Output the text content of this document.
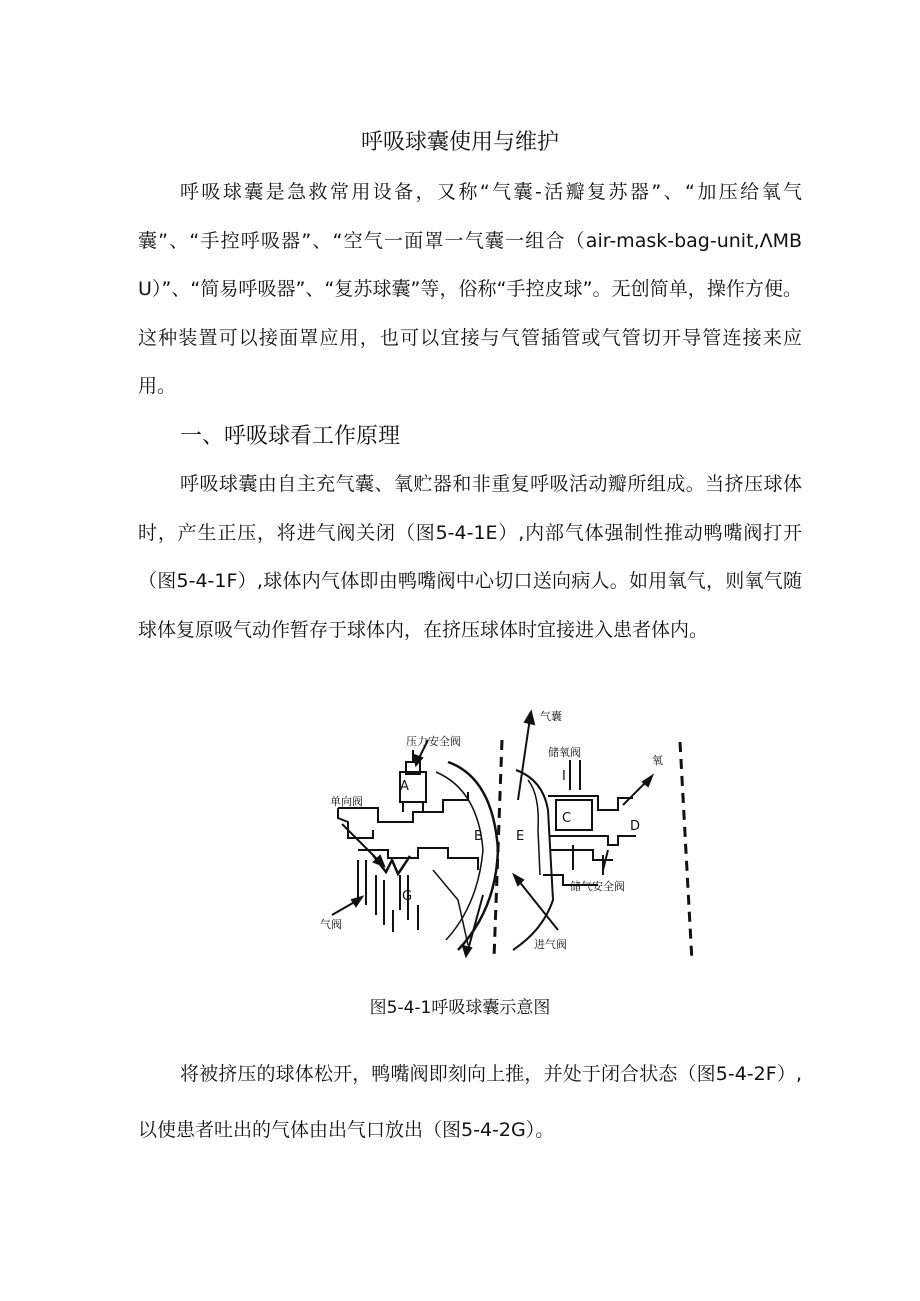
呼吸球囊使用与维护

呼吸球囊是急救常用设备，又称“气囊-活瓣复苏器”、“加压给氧气囊”、“手控呼吸器”、“空气一面罩一气囊一组合（air-mask-bag-unit,ΛMBU）”、“简易呼吸器”、“复苏球囊”等，俗称“手控皮球”。无创简单，操作方便。这种装置可以接面罩应用，也可以宜接与气管插管或气管切开导管连接来应用。

一、呼吸球看工作原理

呼吸球囊由自主充气囊、氧贮器和非重复呼吸活动瓣所组成。当挤压球体时，产生正压，将进气阀关闭（图5-4-1E）,内部气体强制性推动鸭嘴阀打开（图5-4-1F）,球体内气体即由鸭嘴阀中心切口送向病人。如用氧气，则氧气随球体复原吸气动作暂存于球体内，在挤压球体时宜接进入患者体内。

压力安全阀
单向阀
气阀
气囊
储氧阀
氧
储气安全阀
进气阀
A
B
C
D
E
G
I

图5-4-1呼吸球囊示意图

将被挤压的球体松开，鸭嘴阀即刻向上推，并处于闭合状态（图5-4-2F）,以使患者吐出的气体由出气口放出（图5-4-2G）。
